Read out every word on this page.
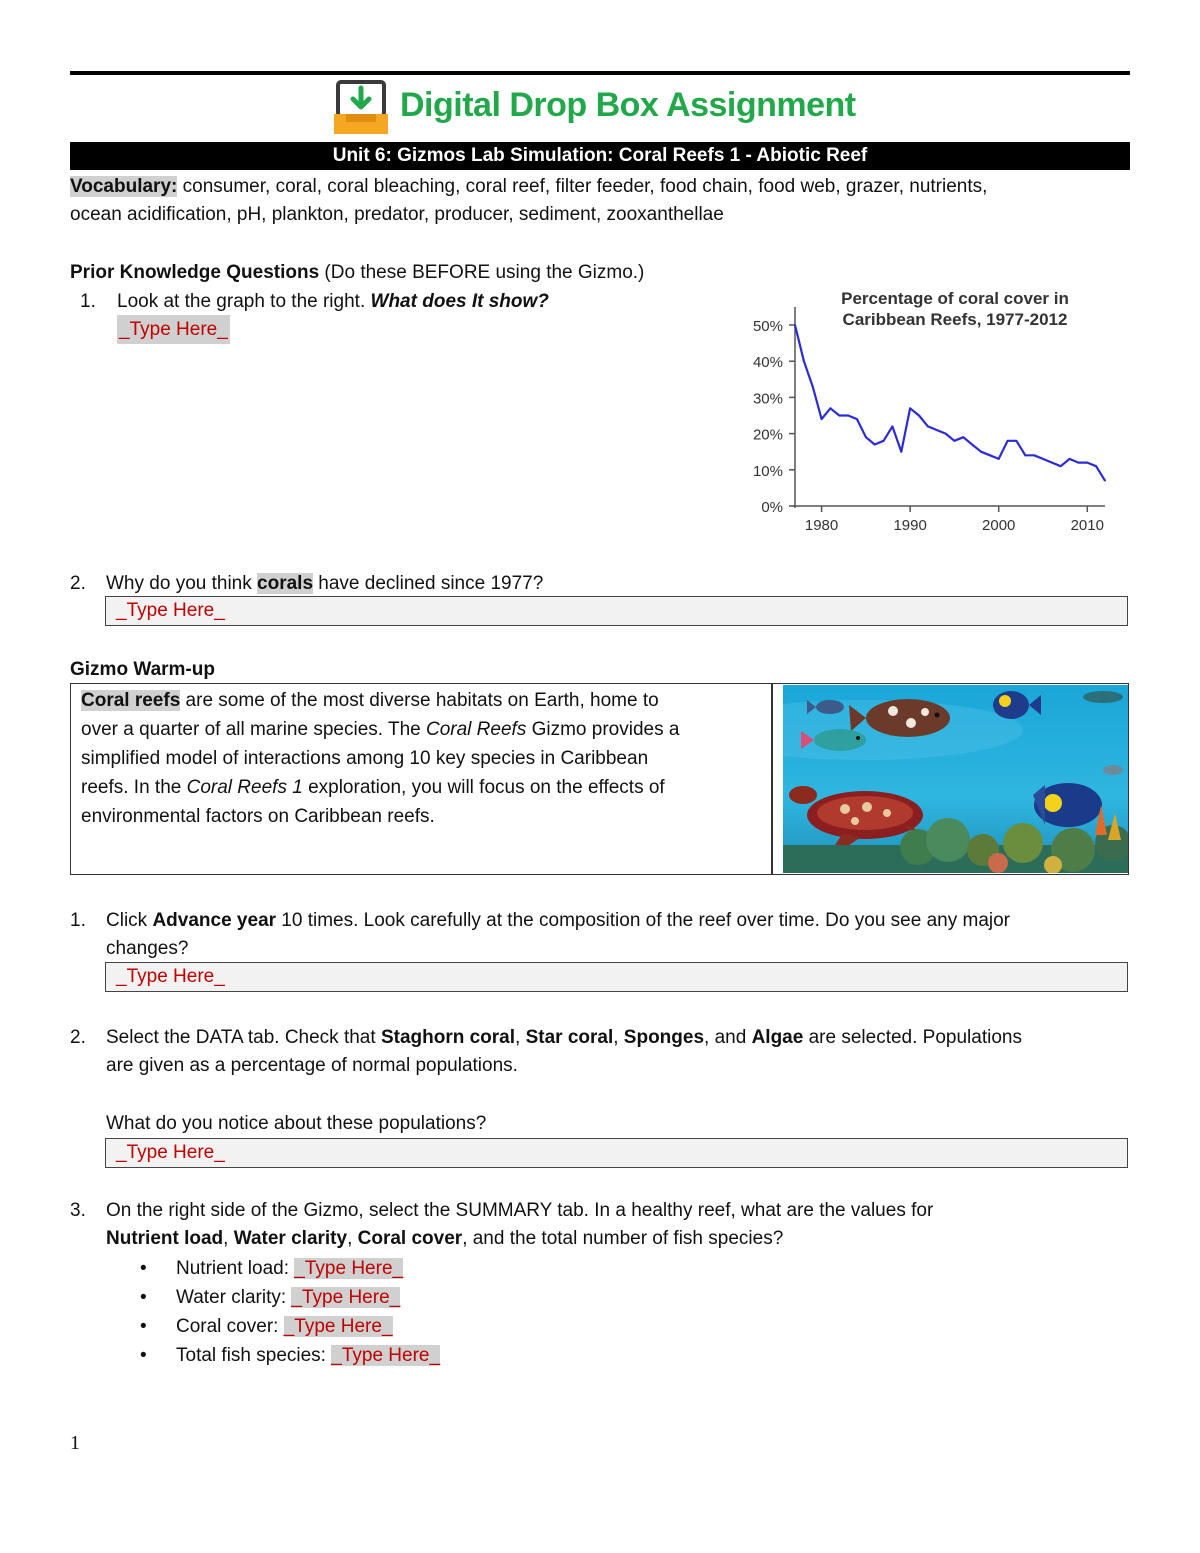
Digital Drop Box Assignment
Unit 6: Gizmos Lab Simulation: Coral Reefs 1 - Abiotic Reef
Vocabulary: consumer, coral, coral bleaching, coral reef, filter feeder, food chain, food web, grazer, nutrients,
ocean acidification, pH, plankton, predator, producer, sediment, zooxanthellae
Prior Knowledge Questions (Do these BEFORE using the Gizmo.)
1. Look at the graph to the right. What does It show?
_Type Here_
Percentage of coral cover in
Caribbean Reefs, 1977-2012
0%
10%
20%
30%
40%
50%
1980	1990	2000	2010
2. Why do you think corals have declined since 1977?
_Type Here_
Gizmo Warm-up
Coral reefs are some of the most diverse habitats on Earth, home to
over a quarter of all marine species. The Coral Reefs Gizmo provides a
simplified model of interactions among 10 key species in Caribbean
reefs. In the Coral Reefs 1 exploration, you will focus on the effects of
environmental factors on Caribbean reefs.
1. Click Advance year 10 times. Look carefully at the composition of the reef over time. Do you see any major
changes?
_Type Here_
2. Select the DATA tab. Check that Staghorn coral, Star coral, Sponges, and Algae are selected. Populations
are given as a percentage of normal populations.
What do you notice about these populations?
_Type Here_
3. On the right side of the Gizmo, select the SUMMARY tab. In a healthy reef, what are the values for
Nutrient load, Water clarity, Coral cover, and the total number of fish species?
• Nutrient load: _Type Here_
• Water clarity: _Type Here_
• Coral cover: _Type Here_
• Total fish species: _Type Here_
1
